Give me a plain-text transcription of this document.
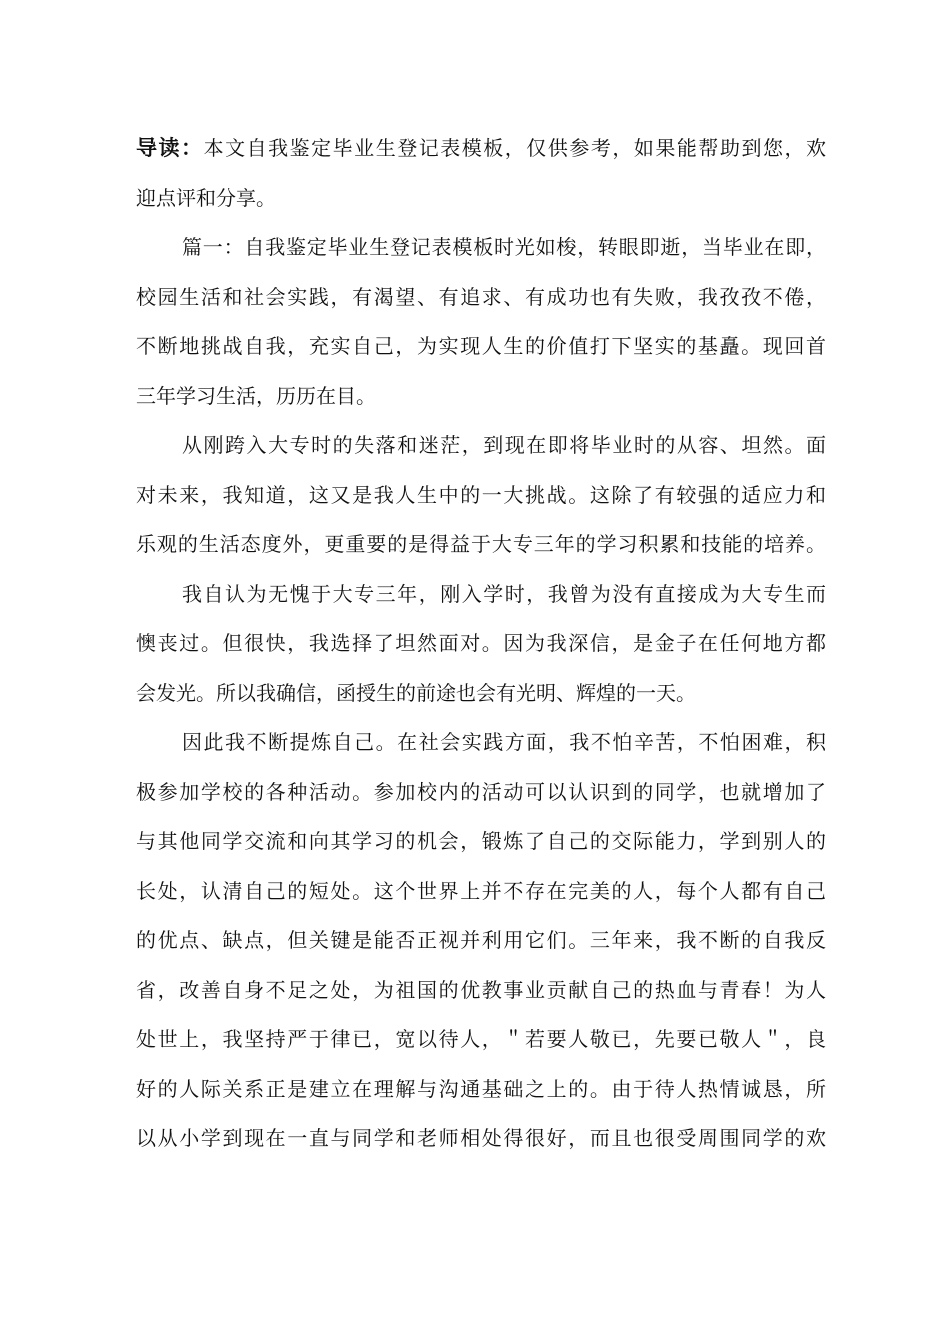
导读：本文自我鉴定毕业生登记表模板，仅供参考，如果能帮助到您，欢
迎点评和分享。
篇一：自我鉴定毕业生登记表模板时光如梭，转眼即逝，当毕业在即，
校园生活和社会实践，有渴望、有追求、有成功也有失败，我孜孜不倦，
不断地挑战自我，充实自己，为实现人生的价值打下坚实的基矗。现回首
三年学习生活，历历在目。
从刚跨入大专时的失落和迷茫，到现在即将毕业时的从容、坦然。面
对未来，我知道，这又是我人生中的一大挑战。这除了有较强的适应力和
乐观的生活态度外，更重要的是得益于大专三年的学习积累和技能的培养。
我自认为无愧于大专三年，刚入学时，我曾为没有直接成为大专生而
懊丧过。但很快，我选择了坦然面对。因为我深信，是金子在任何地方都
会发光。所以我确信，函授生的前途也会有光明、辉煌的一天。
因此我不断提炼自己。在社会实践方面，我不怕辛苦，不怕困难，积
极参加学校的各种活动。参加校内的活动可以认识到的同学，也就增加了
与其他同学交流和向其学习的机会，锻炼了自己的交际能力，学到别人的
长处，认清自己的短处。这个世界上并不存在完美的人，每个人都有自己
的优点、缺点，但关键是能否正视并利用它们。三年来，我不断的自我反
省，改善自身不足之处，为祖国的优教事业贡献自己的热血与青春！为人
处世上，我坚持严于律已，宽以待人，＂若要人敬已，先要已敬人＂，良
好的人际关系正是建立在理解与沟通基础之上的。由于待人热情诚恳，所
以从小学到现在一直与同学和老师相处得很好，而且也很受周围同学的欢
